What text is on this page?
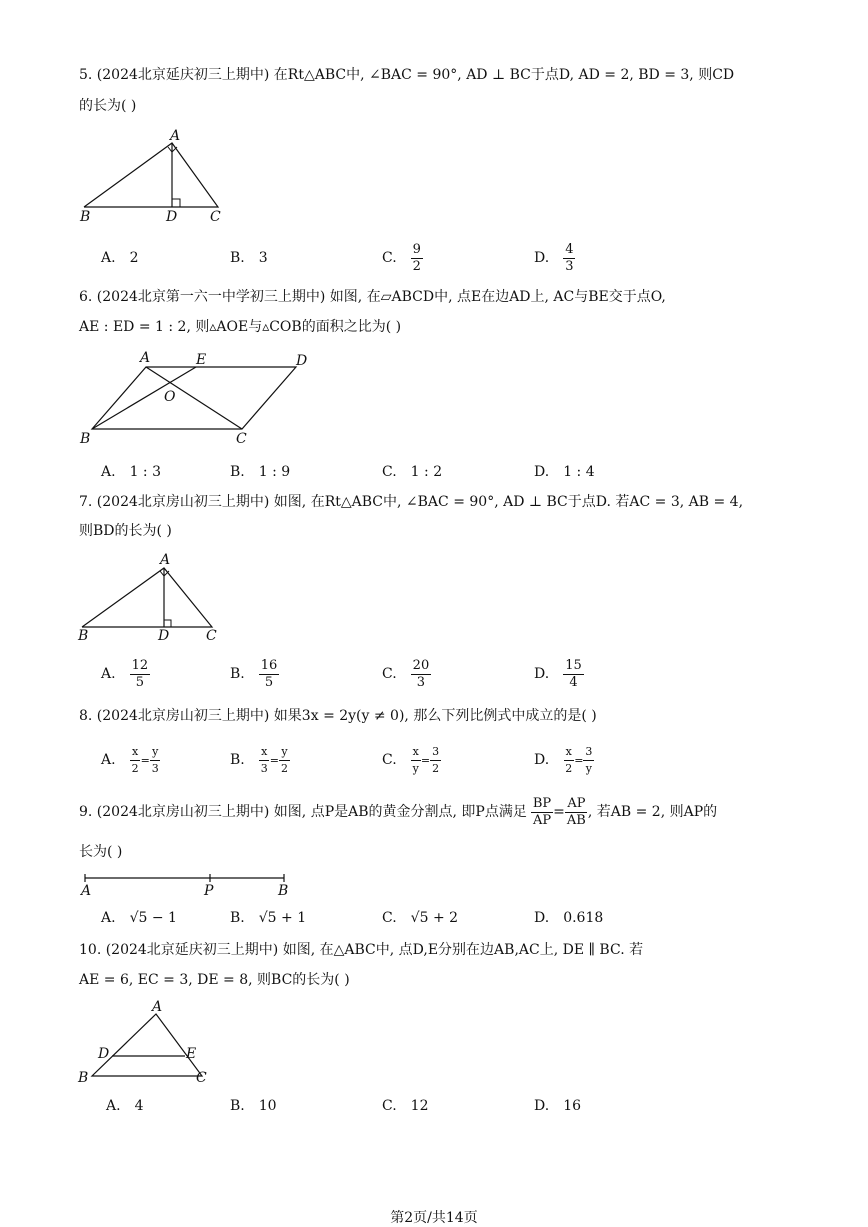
5. (2024北京延庆初三上期中) 在Rt△ABC中, ∠BAC = 90°, AD ⊥ BC于点D, AD = 2, BD = 3, 则CD
的长为( )
A
B	D C
A. 2	B. 3	C. $\frac{9}{2}$	D. $\frac{4}{3}$
6. (2024北京第一六一中学初三上期中) 如图, 在▱ABCD中, 点E在边AD上, AC与BE交于点O,
AE : ED = 1 : 2, 则▵AOE与▵COB的面积之比为( )
A	E	D
O
B	C
A. 1 : 3	B. 1 : 9	C. 1 : 2	D. 1 : 4
7. (2024北京房山初三上期中) 如图, 在Rt△ABC中, ∠BAC = 90°, AD ⊥ BC于点D. 若AC = 3, AB = 4,
则BD的长为( )
A
B	D	C
A. $\frac{12}{5}$	B. $\frac{16}{5}$	C. $\frac{20}{3}$	D. $\frac{15}{4}$
8. (2024北京房山初三上期中) 如果3x = 2y(y ≠ 0), 那么下列比例式中成立的是( )
A. $\frac{x}{2} = \frac{y}{3}$	B. $\frac{x}{3} = \frac{y}{2}$	C. $\frac{x}{y} = \frac{3}{2}$	D. $\frac{x}{2} = \frac{3}{y}$
9. (2024北京房山初三上期中) 如图, 点P是AB的黄金分割点, 即P点满足 $\frac{BP}{AP} = \frac{AP}{AB}$ , 若AB = 2, 则AP的
长为( )
A	P	B
A. √5 − 1	B. √5 + 1	C. √5 + 2	D. 0.618
10. (2024北京延庆初三上期中) 如图, 在△ABC中, 点D,E分别在边AB,AC上, DE ∥ BC. 若
AE = 6, EC = 3, DE = 8, 则BC的长为( )
A
D	E
B	C
A. 4	B. 10	C. 12	D. 16
第2页/共14页
